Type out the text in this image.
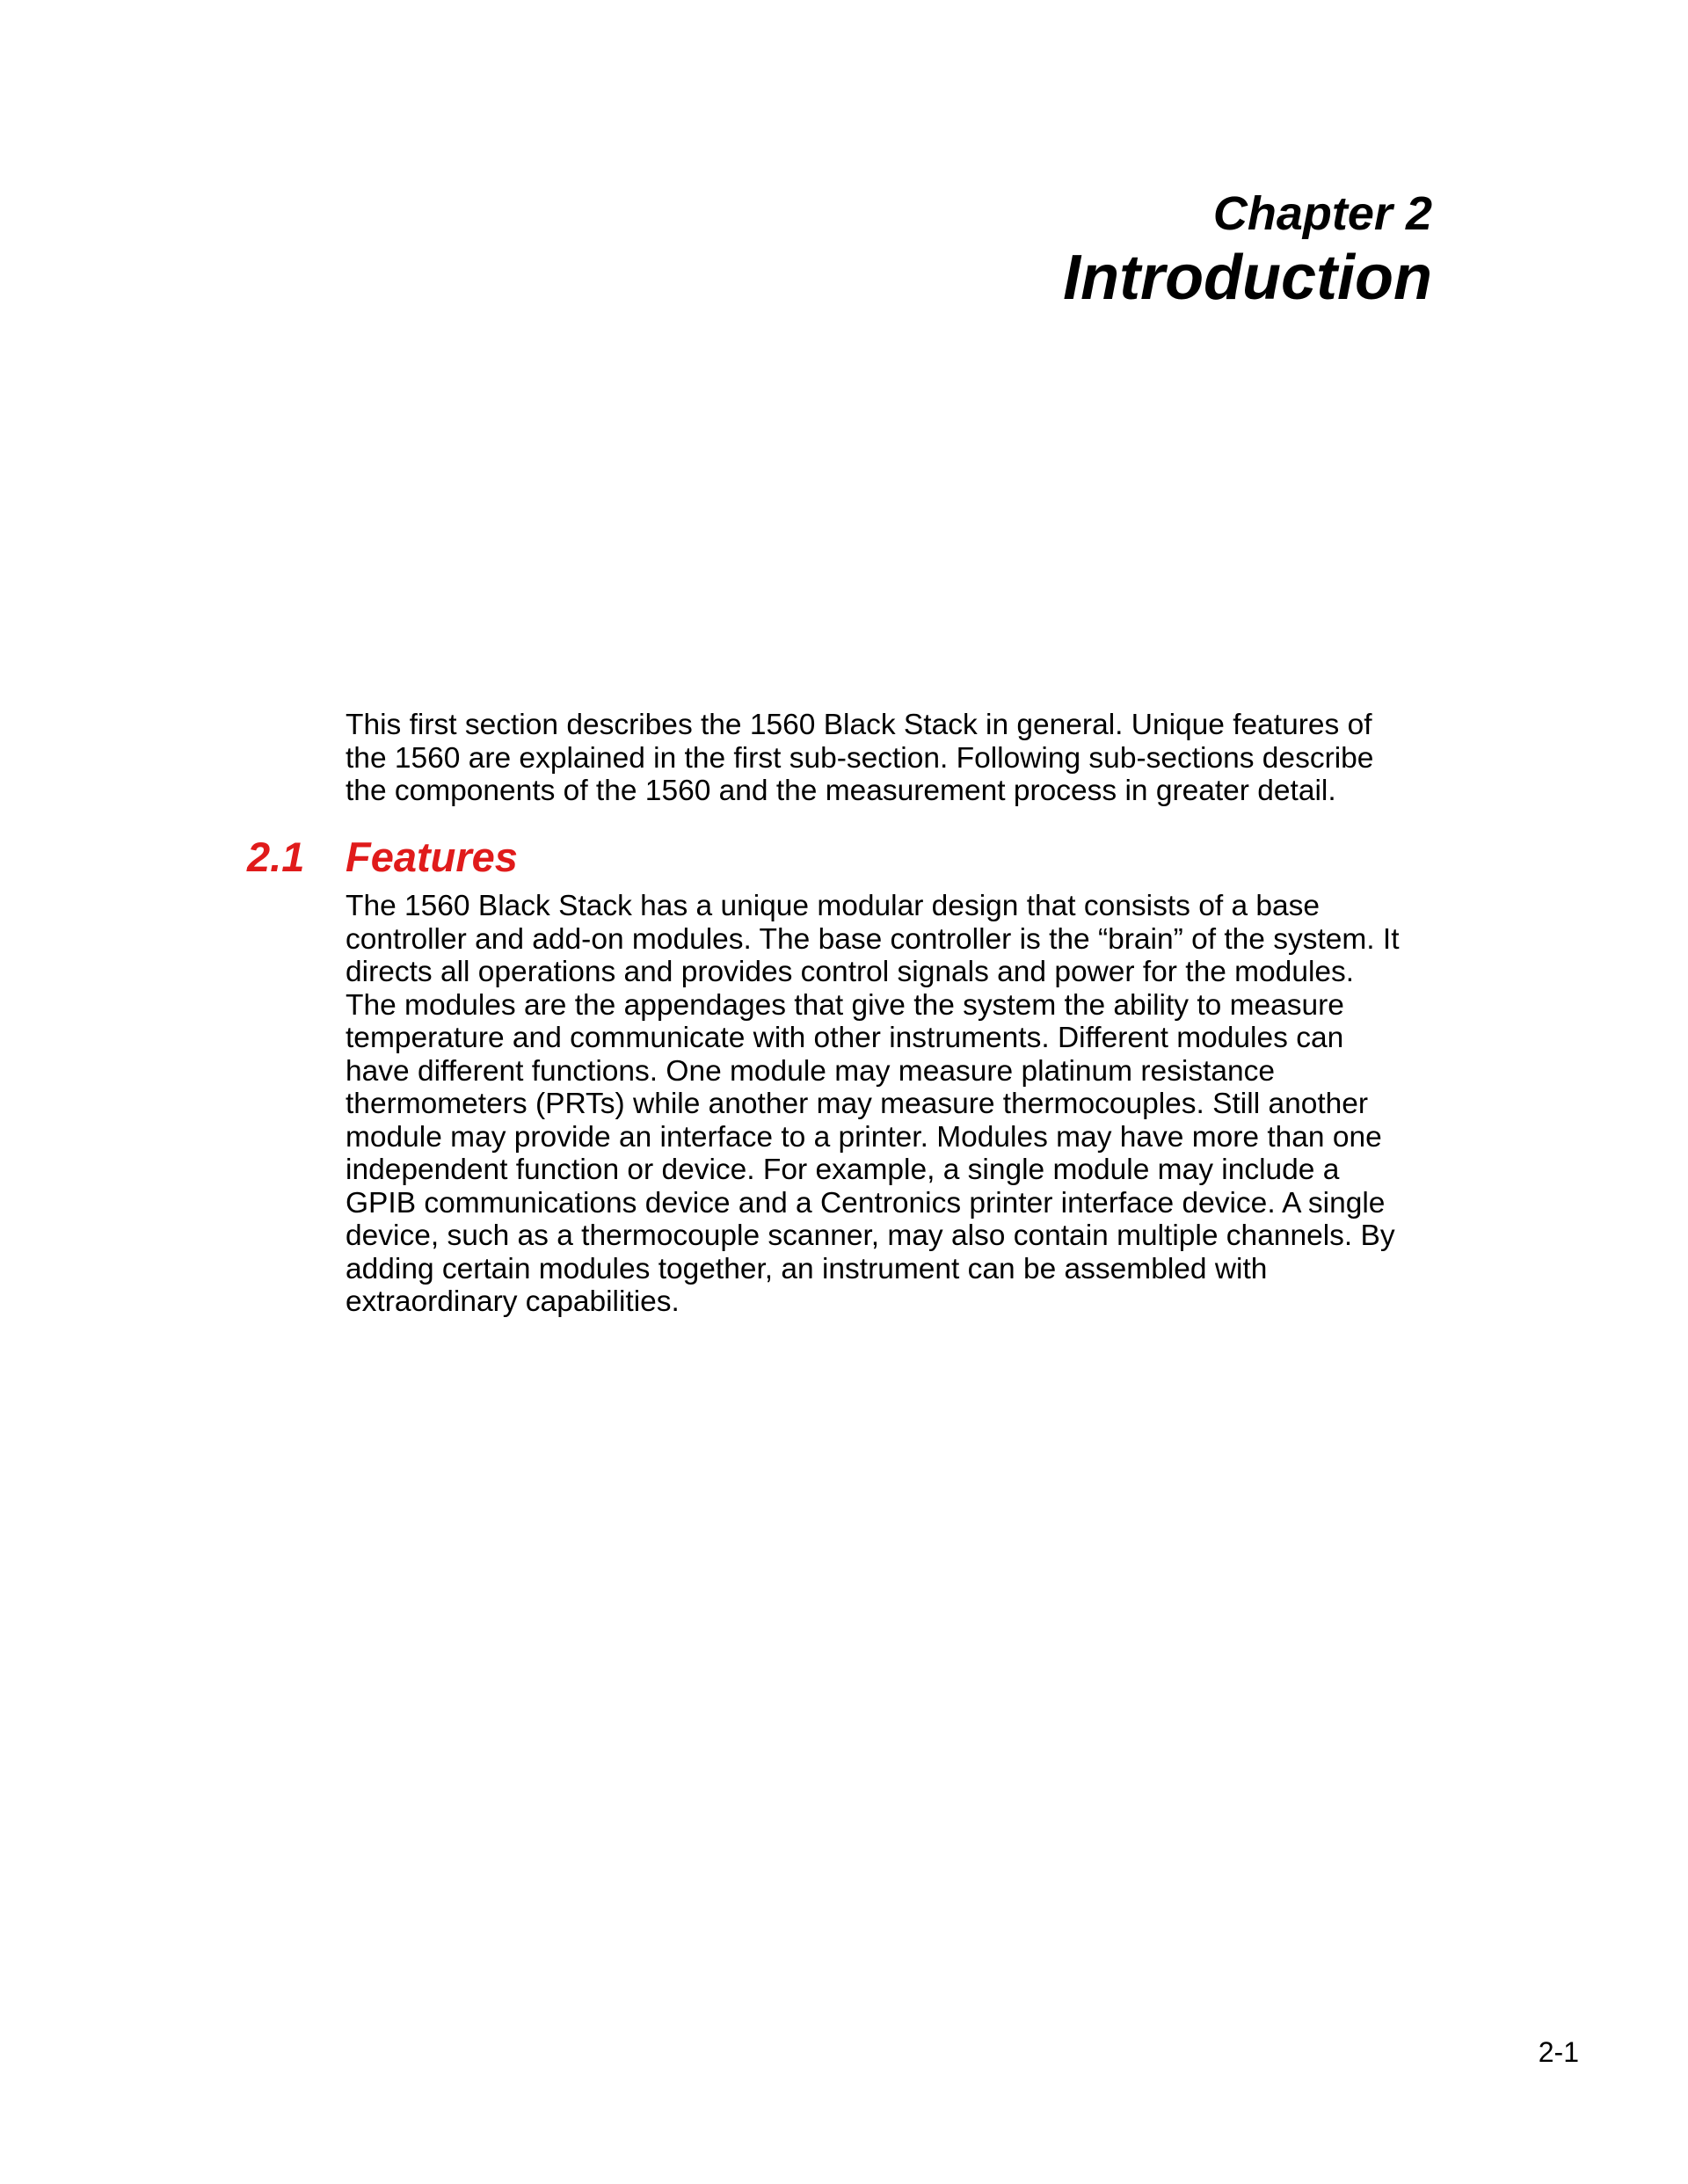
Chapter 2

Introduction

This first section describes the 1560 Black Stack in general. Unique features of
the 1560 are explained in the first sub-section. Following sub-sections describe
the components of the 1560 and the measurement process in greater detail.

2.1 Features

The 1560 Black Stack has a unique modular design that consists of a base
controller and add-on modules. The base controller is the “brain” of the system. It
directs all operations and provides control signals and power for the modules.
The modules are the appendages that give the system the ability to measure
temperature and communicate with other instruments. Different modules can
have different functions. One module may measure platinum resistance
thermometers (PRTs) while another may measure thermocouples. Still another
module may provide an interface to a printer. Modules may have more than one
independent function or device. For example, a single module may include a
GPIB communications device and a Centronics printer interface device. A single
device, such as a thermocouple scanner, may also contain multiple channels. By
adding certain modules together, an instrument can be assembled with
extraordinary capabilities.

2-1
